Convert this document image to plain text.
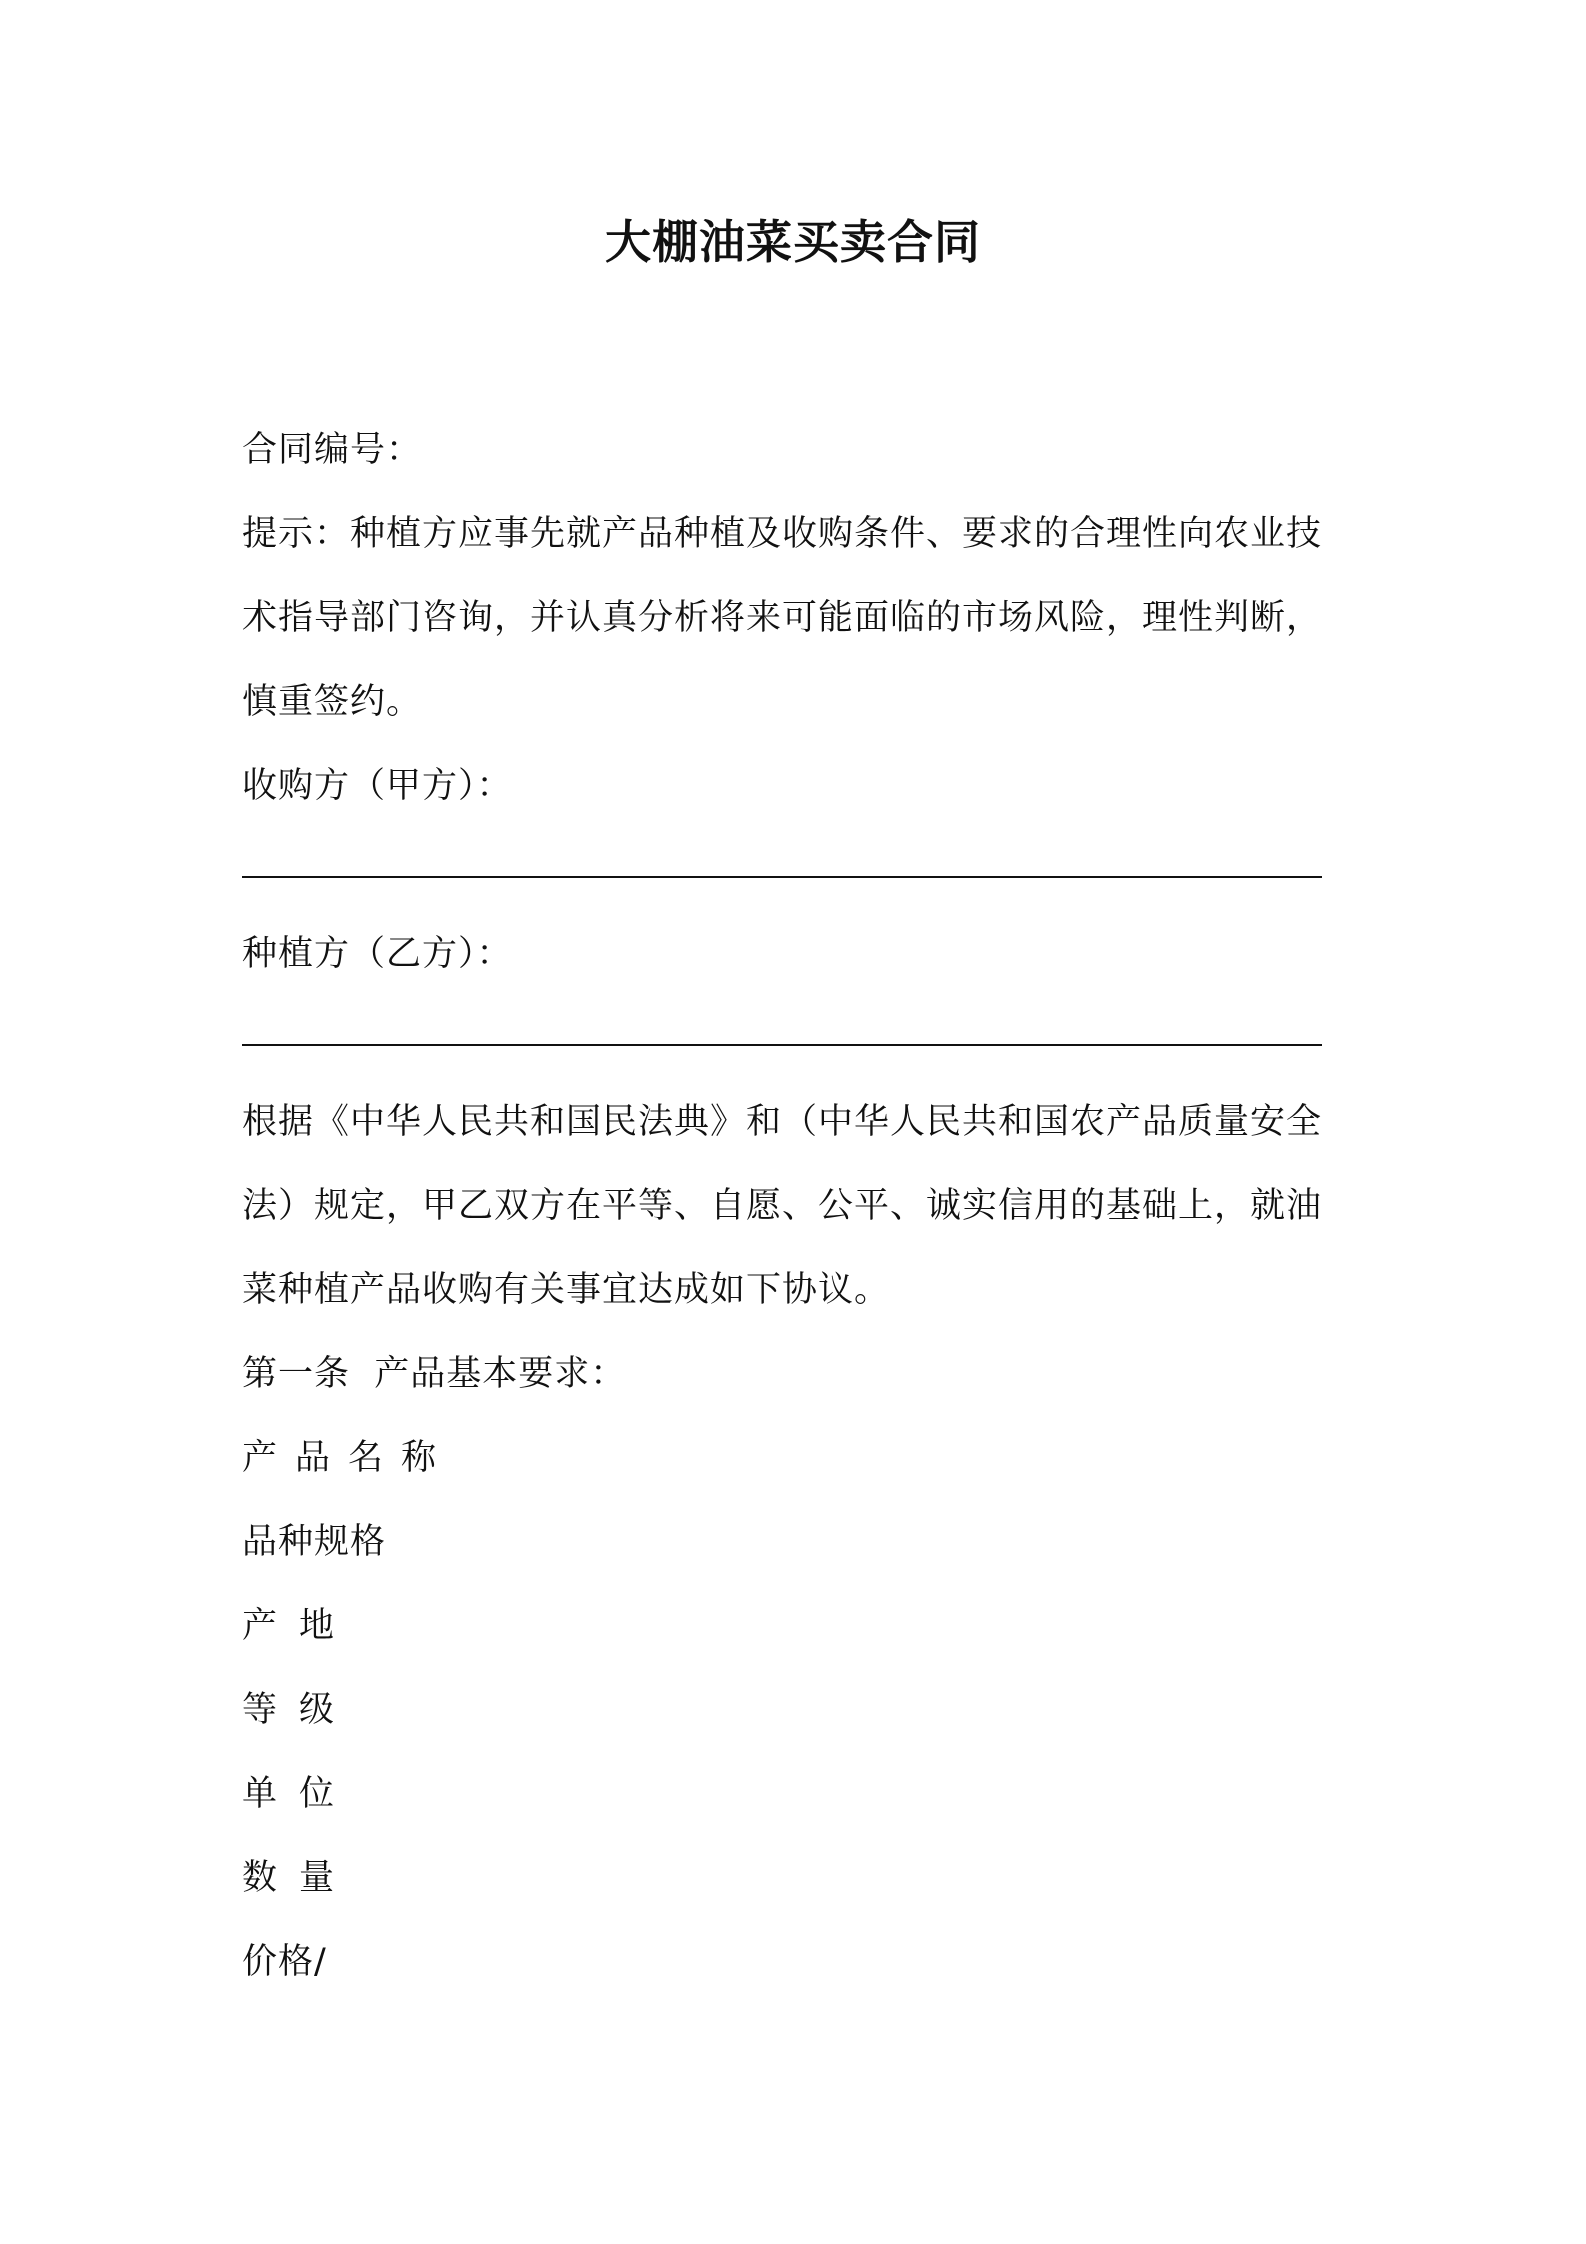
大棚油菜买卖合同
合同编号：
提示：种植方应事先就产品种植及收购条件、要求的合理性向农业技
术指导部门咨询，并认真分析将来可能面临的市场风险，理性判断，
慎重签约。
收购方（甲方）：
种植方（乙方）：
根据《中华人民共和国民法典》和（中华人民共和国农产品质量安全
法）规定，甲乙双方在平等、自愿、公平、诚实信用的基础上，就油
菜种植产品收购有关事宜达成如下协议。
第一条  产品基本要求：
产品名称
品种规格
产地
等级
单位
数量
价格/
